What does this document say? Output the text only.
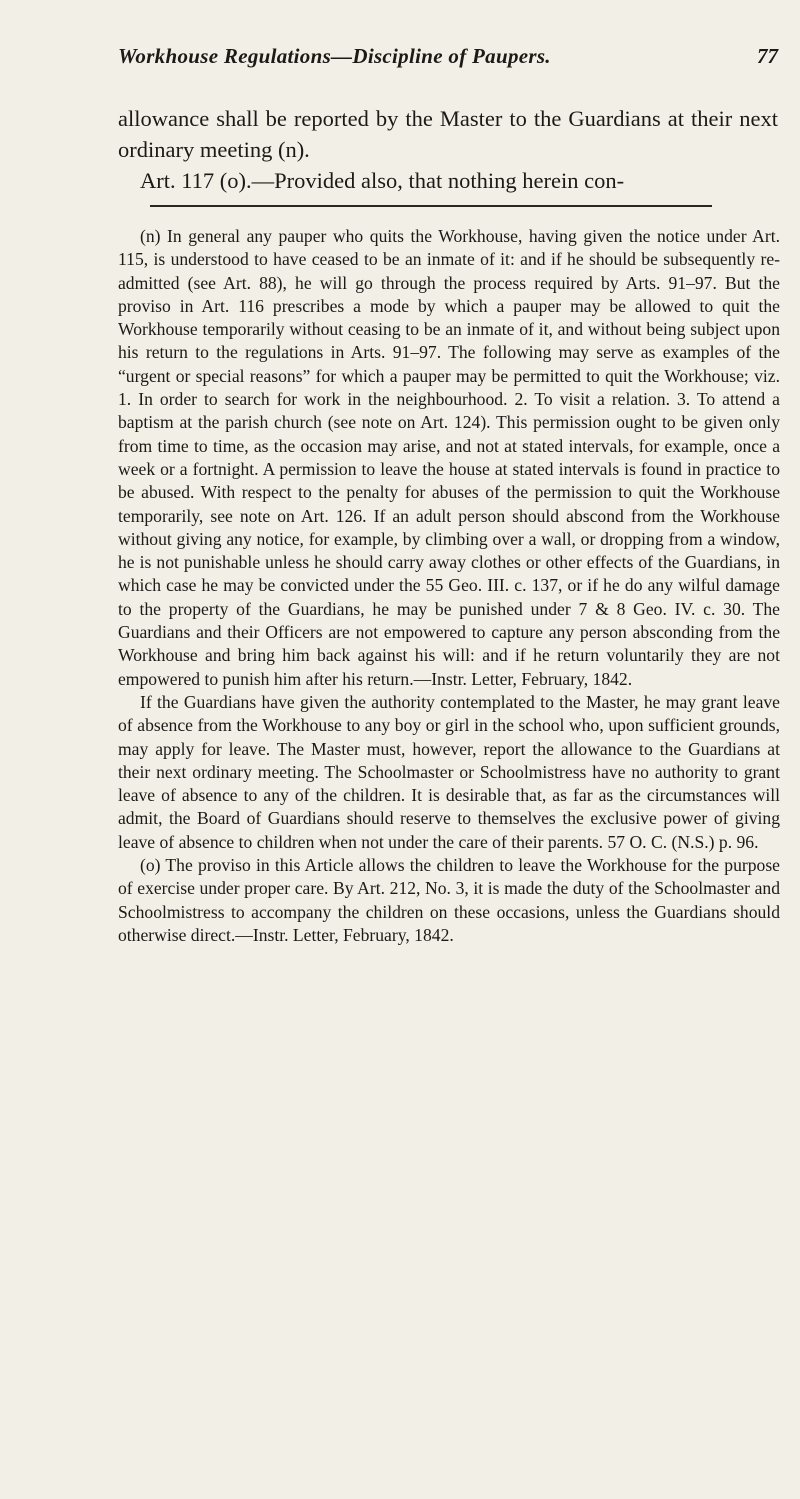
Workhouse Regulations—Discipline of Paupers.	77

allowance shall be reported by the Master to the Guardians at their next ordinary meeting (n).

Art. 117 (o).—Provided also, that nothing herein con-

(n) In general any pauper who quits the Workhouse, having given the notice under Art. 115, is understood to have ceased to be an inmate of it: and if he should be subsequently re-admitted (see Art. 88), he will go through the process required by Arts. 91–97. But the proviso in Art. 116 prescribes a mode by which a pauper may be allowed to quit the Workhouse temporarily without ceasing to be an inmate of it, and without being subject upon his return to the regulations in Arts. 91–97. The following may serve as examples of the “urgent or special reasons” for which a pauper may be permitted to quit the Workhouse; viz. 1. In order to search for work in the neighbourhood. 2. To visit a relation. 3. To attend a baptism at the parish church (see note on Art. 124). This permission ought to be given only from time to time, as the occasion may arise, and not at stated intervals, for example, once a week or a fortnight. A permission to leave the house at stated intervals is found in practice to be abused. With respect to the penalty for abuses of the permission to quit the Workhouse temporarily, see note on Art. 126. If an adult person should abscond from the Workhouse without giving any notice, for example, by climbing over a wall, or dropping from a window, he is not punishable unless he should carry away clothes or other effects of the Guardians, in which case he may be convicted under the 55 Geo. III. c. 137, or if he do any wilful damage to the property of the Guardians, he may be punished under 7 & 8 Geo. IV. c. 30. The Guardians and their Officers are not empowered to capture any person absconding from the Workhouse and bring him back against his will: and if he return voluntarily they are not empowered to punish him after his return.—Instr. Letter, February, 1842.

If the Guardians have given the authority contemplated to the Master, he may grant leave of absence from the Workhouse to any boy or girl in the school who, upon sufficient grounds, may apply for leave. The Master must, however, report the allowance to the Guardians at their next ordinary meeting. The Schoolmaster or Schoolmistress have no authority to grant leave of absence to any of the children. It is desirable that, as far as the circumstances will admit, the Board of Guardians should reserve to themselves the exclusive power of giving leave of absence to children when not under the care of their parents. 57 O. C. (N.S.) p. 96.

(o) The proviso in this Article allows the children to leave the Workhouse for the purpose of exercise under proper care. By Art. 212, No. 3, it is made the duty of the Schoolmaster and Schoolmistress to accompany the children on these occasions, unless the Guardians should otherwise direct.—Instr. Letter, February, 1842.
